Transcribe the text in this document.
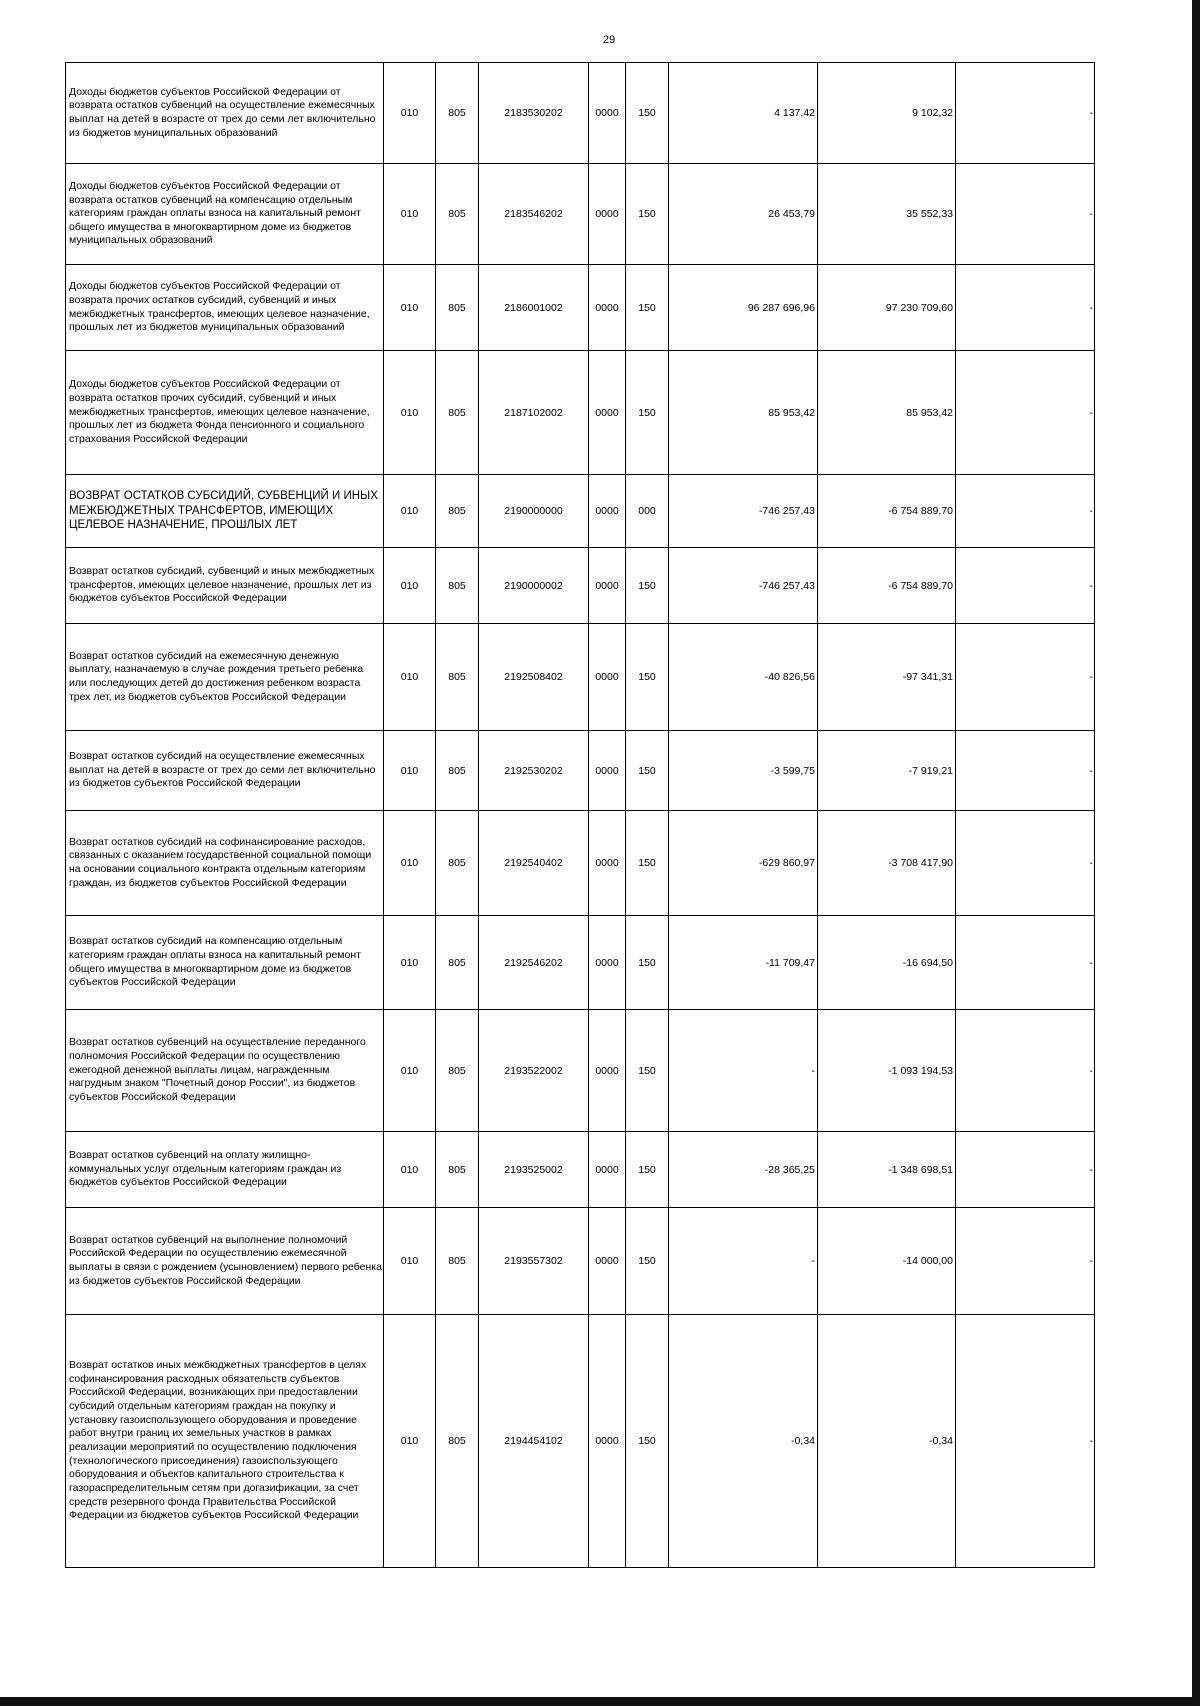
29
Доходы бюджетов субъектов Российской Федерации от возврата остатков субвенций на осуществление ежемесячных выплат на детей в возрасте от трех до семи лет включительно из бюджетов муниципальных образований	010	805	2183530202	0000	150	4 137,42	9 102,32	-
Доходы бюджетов субъектов Российской Федерации от возврата остатков субвенций на компенсацию отдельным категориям граждан оплаты взноса на капитальный ремонт общего имущества в многоквартирном доме из бюджетов муниципальных образований	010	805	2183546202	0000	150	26 453,79	35 552,33	-
Доходы бюджетов субъектов Российской Федерации от возврата прочих остатков субсидий, субвенций и иных межбюджетных трансфертов, имеющих целевое назначение, прошлых лет из бюджетов муниципальных образований	010	805	2186001002	0000	150	96 287 696,96	97 230 709,60	-
Доходы бюджетов субъектов Российской Федерации от возврата остатков прочих субсидий, субвенций и иных межбюджетных трансфертов, имеющих целевое назначение, прошлых лет из бюджета Фонда пенсионного и социального страхования Российской Федерации	010	805	2187102002	0000	150	85 953,42	85 953,42	-
ВОЗВРАТ ОСТАТКОВ СУБСИДИЙ, СУБВЕНЦИЙ И ИНЫХ МЕЖБЮДЖЕТНЫХ ТРАНСФЕРТОВ, ИМЕЮЩИХ ЦЕЛЕВОЕ НАЗНАЧЕНИЕ, ПРОШЛЫХ ЛЕТ	010	805	2190000000	0000	000	-746 257,43	-6 754 889,70	-
Возврат остатков субсидий, субвенций и иных межбюджетных трансфертов, имеющих целевое назначение, прошлых лет из бюджетов субъектов Российской Федерации	010	805	2190000002	0000	150	-746 257,43	-6 754 889,70	-
Возврат остатков субсидий на ежемесячную денежную выплату, назначаемую в случае рождения третьего ребенка или последующих детей до достижения ребенком возраста трех лет, из бюджетов субъектов Российской Федерации	010	805	2192508402	0000	150	-40 826,56	-97 341,31	-
Возврат остатков субсидий на осуществление ежемесячных выплат на детей в возрасте от трех до семи лет включительно из бюджетов субъектов Российской Федерации	010	805	2192530202	0000	150	-3 599,75	-7 919,21	-
Возврат остатков субсидий на софинансирование расходов, связанных с оказанием государственной социальной помощи на основании социального контракта отдельным категориям граждан, из бюджетов субъектов Российской Федерации	010	805	2192540402	0000	150	-629 860,97	-3 708 417,90	-
Возврат остатков субсидий на компенсацию отдельным категориям граждан оплаты взноса на капитальный ремонт общего имущества в многоквартирном доме из бюджетов субъектов Российской Федерации	010	805	2192546202	0000	150	-11 709,47	-16 694,50	-
Возврат остатков субвенций на осуществление переданного полномочия Российской Федерации по осуществлению ежегодной денежной выплаты лицам, награжденным нагрудным знаком "Почетный донор России", из бюджетов субъектов Российской Федерации	010	805	2193522002	0000	150	-	-1 093 194,53	-
Возврат остатков субвенций на оплату жилищно-коммунальных услуг отдельным категориям граждан из бюджетов субъектов Российской Федерации	010	805	2193525002	0000	150	-28 365,25	-1 348 698,51	-
Возврат остатков субвенций на выполнение полномочий Российской Федерации по осуществлению ежемесячной выплаты в связи с рождением (усыновлением) первого ребенка из бюджетов субъектов Российской Федерации	010	805	2193557302	0000	150	-	-14 000,00	-
Возврат остатков иных межбюджетных трансфертов в целях софинансирования расходных обязательств субъектов Российской Федерации, возникающих при предоставлении субсидий отдельным категориям граждан на покупку и установку газоиспользующего оборудования и проведение работ внутри границ их земельных участков в рамках реализации мероприятий по осуществлению подключения (технологического присоединения) газоиспользующего оборудования и объектов капитального строительства к газораспределительным сетям при догазификации, за счет средств резервного фонда Правительства Российской Федерации из бюджетов субъектов Российской Федерации	010	805	2194454102	0000	150	-0,34	-0,34	-
